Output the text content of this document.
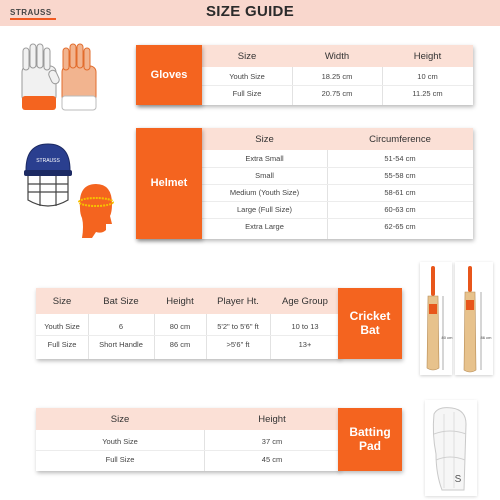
STRAUSS	SIZE GUIDE
Size	Width	Height
Youth Size	18.25 cm	10 cm
Full Size	20.75 cm	11.25 cm
Gloves
STRAUSS
Size	Circumference
Extra Small	51-54 cm
Small	55-58 cm
Medium (Youth Size)	58-61 cm
Large (Full Size)	60-63 cm
Extra Large	62-65 cm
Helmet
Size	Bat Size	Height	Player Ht.	Age Group
Youth Size	6	80 cm	5'2" to 5'6" ft	10 to 13
Full Size	Short Handle	86 cm	>5'6" ft	13+
Cricket Bat
80 cm	86 cm
Size	Height
Youth Size	37 cm
Full Size	45 cm
Batting Pad
S
